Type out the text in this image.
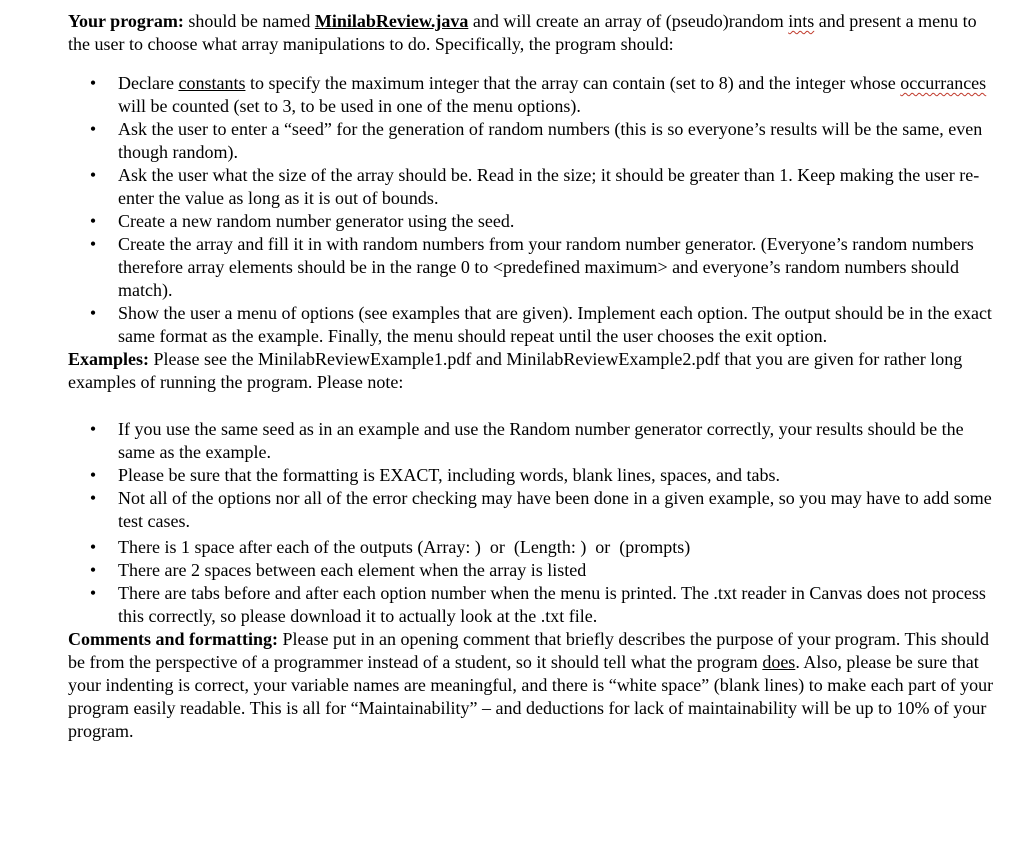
Your program: should be named MinilabReview.java and will create an array of (pseudo)random ints and present a menu to the user to choose what array manipulations to do. Specifically, the program should:

• Declare constants to specify the maximum integer that the array can contain (set to 8) and the integer whose occurrances will be counted (set to 3, to be used in one of the menu options).
• Ask the user to enter a “seed” for the generation of random numbers (this is so everyone’s results will be the same, even though random).
• Ask the user what the size of the array should be. Read in the size; it should be greater than 1. Keep making the user re-enter the value as long as it is out of bounds.
• Create a new random number generator using the seed.
• Create the array and fill it in with random numbers from your random number generator. (Everyone’s random numbers therefore array elements should be in the range 0 to <predefined maximum> and everyone’s random numbers should match).
• Show the user a menu of options (see examples that are given). Implement each option. The output should be in the exact same format as the example. Finally, the menu should repeat until the user chooses the exit option.

Examples: Please see the MinilabReviewExample1.pdf and MinilabReviewExample2.pdf that you are given for rather long examples of running the program. Please note:

• If you use the same seed as in an example and use the Random number generator correctly, your results should be the same as the example.
• Please be sure that the formatting is EXACT, including words, blank lines, spaces, and tabs.
• Not all of the options nor all of the error checking may have been done in a given example, so you may have to add some test cases.
• There is 1 space after each of the outputs (Array: )  or  (Length: )  or  (prompts)
• There are 2 spaces between each element when the array is listed
• There are tabs before and after each option number when the menu is printed. The .txt reader in Canvas does not process this correctly, so please download it to actually look at the .txt file.

Comments and formatting: Please put in an opening comment that briefly describes the purpose of your program. This should be from the perspective of a programmer instead of a student, so it should tell what the program does. Also, please be sure that your indenting is correct, your variable names are meaningful, and there is “white space” (blank lines) to make each part of your program easily readable. This is all for “Maintainability” – and deductions for lack of maintainability will be up to 10% of your program.
